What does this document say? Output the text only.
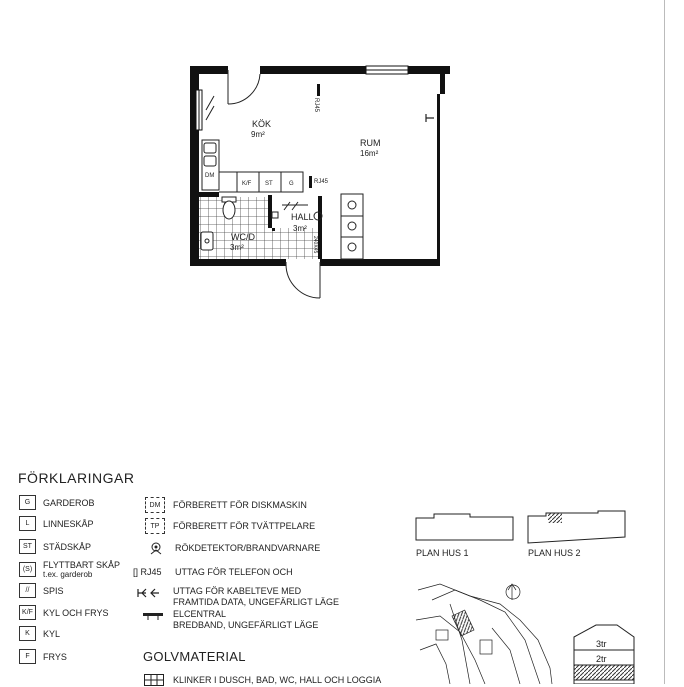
DM
K/F ST	G
RJ45
RJ45
240X45
KÖK
9m²
RUM
16m²
HALL
3m²
WC/D
3m²
3tr
2tr
FÖRKLARINGAR
G	GARDEROB
L	LINNESKÅP
ST	STÄDSKÅP
(S)	FLYTTBART SKÅP
t.ex. garderob
//	SPIS
K/F	KYL OCH FRYS
K	KYL
F	FRYS
DM	FÖRBERETT FÖR DISKMASKIN
TP	FÖRBERETT FÖR TVÄTTPELARE
RÖKDETEKTOR/BRANDVARNARE
[] RJ45 UTTAG FÖR TELEFON OCH
UTTAG FÖR KABELTEVE MED
FRAMTIDA DATA, UNGEFÄRLIGT LÄGE
ELCENTRAL
BREDBAND, UNGEFÄRLIGT LÄGE
GOLVMATERIAL
KLINKER I DUSCH, BAD, WC, HALL OCH LOGGIA
PLAN HUS 1	PLAN HUS 2
